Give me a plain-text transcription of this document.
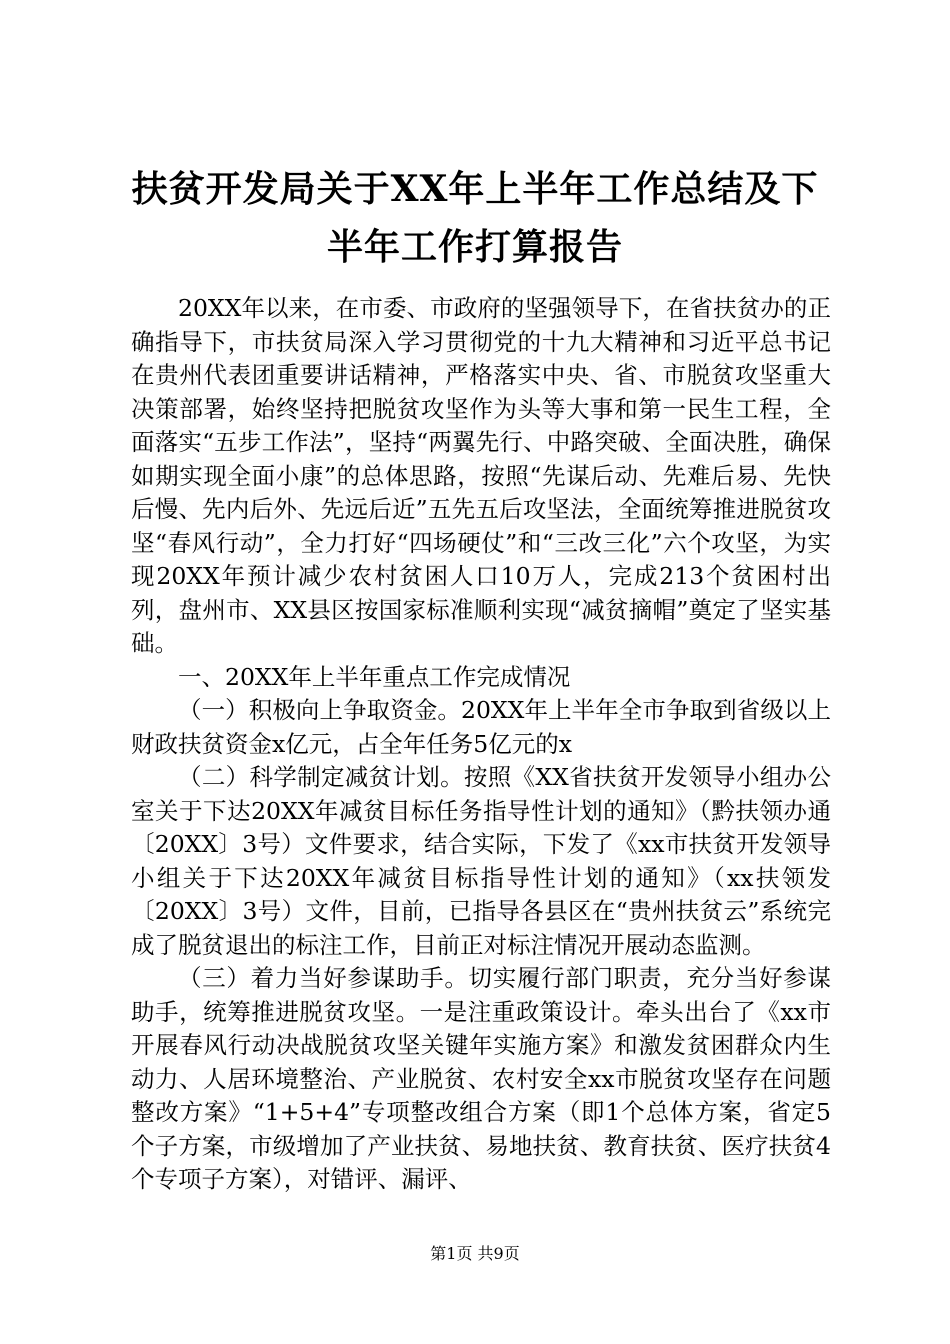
扶贫开发局关于XX年上半年工作总结及下半年工作打算报告

20XX年以来，在市委、市政府的坚强领导下，在省扶贫办的正确指导下，市扶贫局深入学习贯彻党的十九大精神和习近平总书记在贵州代表团重要讲话精神，严格落实中央、省、市脱贫攻坚重大决策部署，始终坚持把脱贫攻坚作为头等大事和第一民生工程，全面落实“五步工作法”，坚持“两翼先行、中路突破、全面决胜，确保如期实现全面小康”的总体思路，按照“先谋后动、先难后易、先快后慢、先内后外、先远后近”五先五后攻坚法，全面统筹推进脱贫攻坚“春风行动”，全力打好“四场硬仗”和“三改三化”六个攻坚，为实现20XX年预计减少农村贫困人口10万人，完成213个贫困村出列，盘州市、XX县区按国家标准顺利实现“减贫摘帽”奠定了坚实基础。

一、20XX年上半年重点工作完成情况

（一）积极向上争取资金。20XX年上半年全市争取到省级以上财政扶贫资金x亿元，占全年任务5亿元的x

（二）科学制定减贫计划。按照《XX省扶贫开发领导小组办公室关于下达20XX年减贫目标任务指导性计划的通知》（黔扶领办通〔20XX〕3号）文件要求，结合实际，下发了《xx市扶贫开发领导小组关于下达20XX年减贫目标指导性计划的通知》（xx扶领发〔20XX〕3号）文件，目前，已指导各县区在“贵州扶贫云”系统完成了脱贫退出的标注工作，目前正对标注情况开展动态监测。

（三）着力当好参谋助手。切实履行部门职责，充分当好参谋助手，统筹推进脱贫攻坚。一是注重政策设计。牵头出台了《xx市开展春风行动决战脱贫攻坚关键年实施方案》和激发贫困群众内生动力、人居环境整治、产业脱贫、农村安全xx市脱贫攻坚存在问题整改方案》“1+5+4”专项整改组合方案（即1个总体方案，省定5个子方案，市级增加了产业扶贫、易地扶贫、教育扶贫、医疗扶贫4个专项子方案），对错评、漏评、

第1页 共9页
